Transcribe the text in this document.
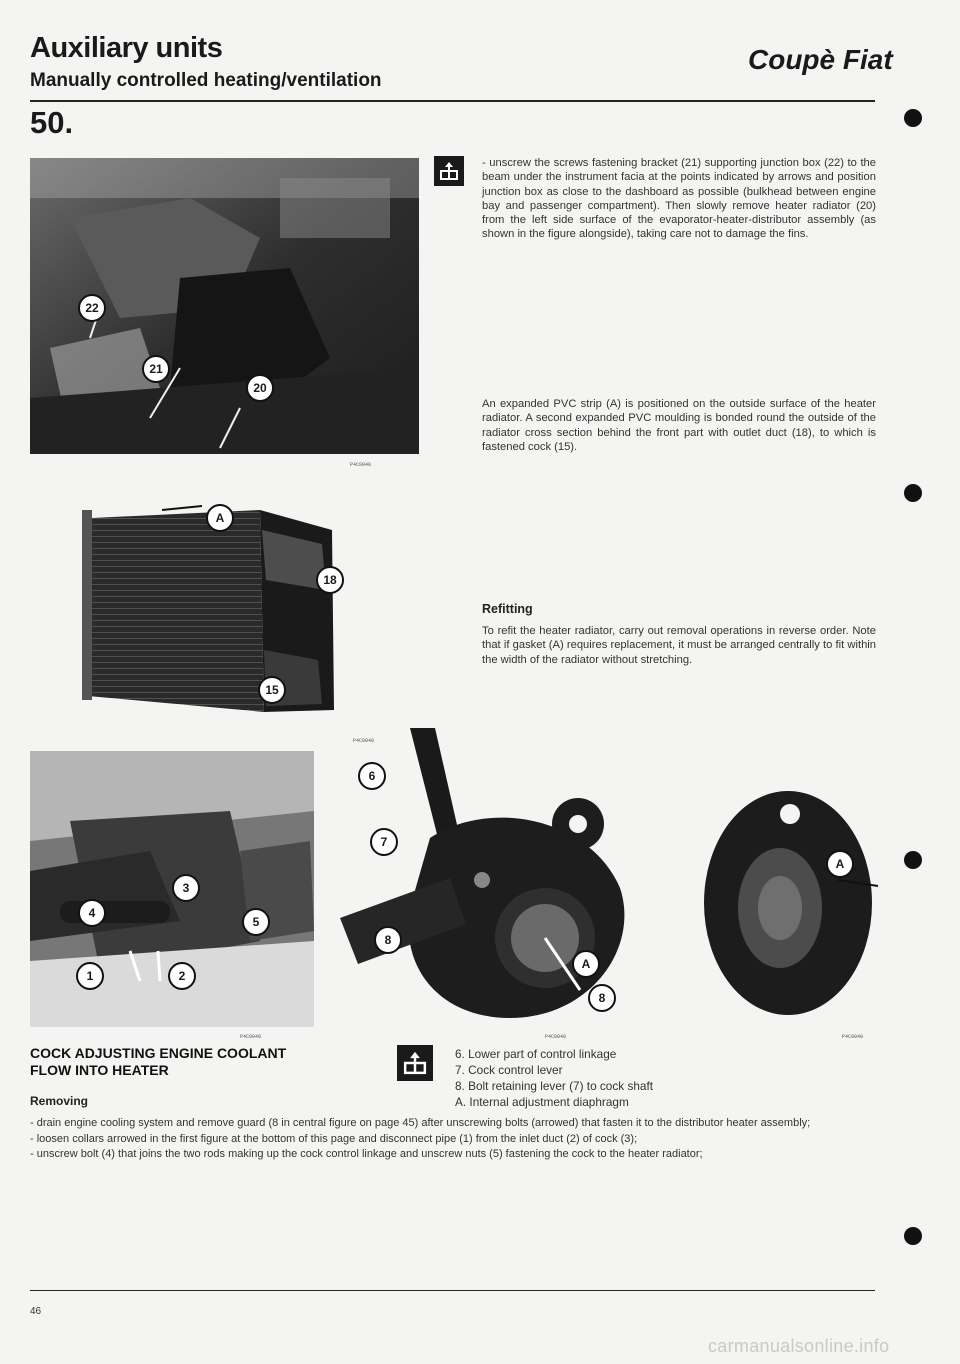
Auxiliary units	Coupè Fiat
Manually controlled heating/ventilation
50.
22
21
20
P4C0040

- unscrew the screws fastening bracket (21) supporting junction box (22) to the beam under the instrument facia at the points indicated by arrows and position junction box as close to the dashboard as possible (bulkhead between engine bay and passenger compartment). Then slowly remove heater radiator (20) from the left side surface of the evaporator-heater-distributor assembly (as shown in the figure alongside), taking care not to damage the fins.

An expanded PVC strip (A) is positioned on the outside surface of the heater radiator. A second expanded PVC moulding is bonded round the outside of the radiator cross section behind the front part with outlet duct (18), to which is fastened cock (15).

A
18
15
P4C0040
Refitting
To refit the heater radiator, carry out removal operations in reverse order. Note that if gasket (A) requires replacement, it must be arranged centrally to fit within the width of the radiator without stretching.
3
4
5
1	2
P4C0040
6
7
8
A
8
P4C0040
A
P4C0040
COCK ADJUSTING ENGINE COOLANT
FLOW INTO HEATER
Removing
6. Lower part of control linkage
7. Cock control lever
8. Bolt retaining lever (7) to cock shaft
A. Internal adjustment diaphragm
- drain engine cooling system and remove guard (8 in central figure on page 45) after unscrewing bolts (arrowed) that fasten it to the distributor heater assembly;
- loosen collars arrowed in the first figure at the bottom of this page and disconnect pipe (1) from the inlet duct (2) of cock (3);
- unscrew bolt (4) that joins the two rods making up the cock control linkage and unscrew nuts (5) fastening the cock to the heater radiator;
46
carmanualsonline.info
